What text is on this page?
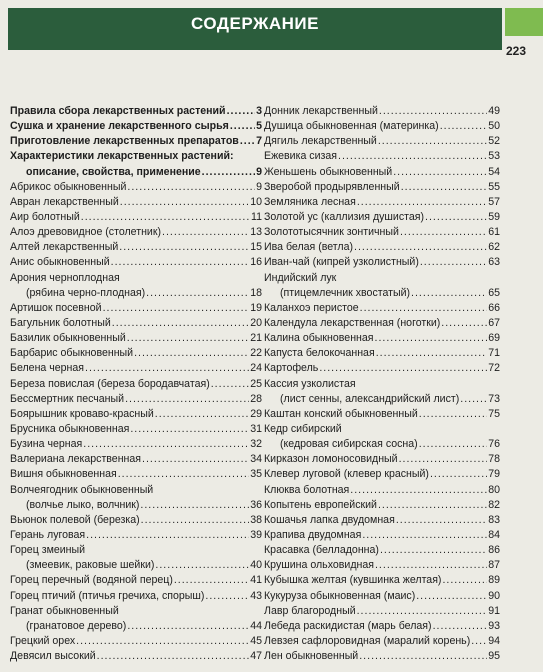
СОДЕРЖАНИЕ
223
Правила сбора лекарственных растений .....	3
Сушка и хранение лекарственного сырья .....	5
Приготовление лекарственных препаратов ..... 7
Характеристики лекарственных растений:
описание, свойства, применение .....	9
Абрикос обыкновенный .....	9
Авран лекарственный .....	10
Аир болотный .....	11
Алоэ древовидное (столетник) .....	13
Алтей лекарственный .....	15
Анис обыкновенный .....	16
Арония черноплодная
(рябина черно-плодная) .....	18
Артишок посевной .....	19
Багульник болотный .....	20
Базилик обыкновенный .....	21
Барбарис обыкновенный .....	22
Белена черная .....	24
Береза повислая (береза бородавчатая) .....	25
Бессмертник песчаный .....	28
Боярышник кроваво-красный .....	29
Брусника обыкновенная .....	31
Бузина черная .....	32
Валериана лекарственная .....	34
Вишня обыкновенная .....	35
Волчеягодник обыкновенный
(волчье лыко, волчник) .....	36
Вьюнок полевой (березка) .....	38
Герань луговая .....	39
Горец змеиный
(змеевик, раковые шейки) .....	40
Горец перечный (водяной перец) .....	41
Горец птичий (птичья гречиха, спорыш) .....	43
Гранат обыкновенный
(гранатовое дерево) .....	44
Грецкий орех .....	45
Девясил высокий .....	47
Донник лекарственный .....	49
Душица обыкновенная (материнка) .....	50
Дягиль лекарственный .....	52
Ежевика сизая .....	53
Женьшень обыкновенный .....	54
Зверобой продырявленный .....	55
Земляника лесная .....	57
Золотой ус (каллизия душистая) .....	59
Золототысячник зонтичный .....	61
Ива белая (ветла) .....	62
Иван-чай (кипрей узколистный) .....	63
Индийский лук
(птицемлечник хвостатый) .....	65
Каланхоэ перистое .....	66
Календула лекарственная (ноготки) .....	67
Калина обыкновенная .....	69
Капуста белокочанная .....	71
Картофель .....	72
Кассия узколистая
(лист сенны, александрийский лист) .....	73
Каштан конский обыкновенный .....	75
Кедр сибирский
(кедровая сибирская сосна) .....	76
Кирказон ломоносовидный .....	78
Клевер луговой (клевер красный) .....	79
Клюква болотная .....	80
Копытень европейский .....	82
Кошачья лапка двудомная .....	83
Крапива двудомная .....	84
Красавка (белладонна) .....	86
Крушина ольховидная .....	87
Кубышка желтая (кувшинка желтая) .....	89
Кукуруза обыкновенная (маис) .....	90
Лавр благородный .....	91
Лебеда раскидистая (марь белая) .....	93
Левзея сафлоровидная (маралий корень) ..... 94
Лен обыкновенный .....	95
